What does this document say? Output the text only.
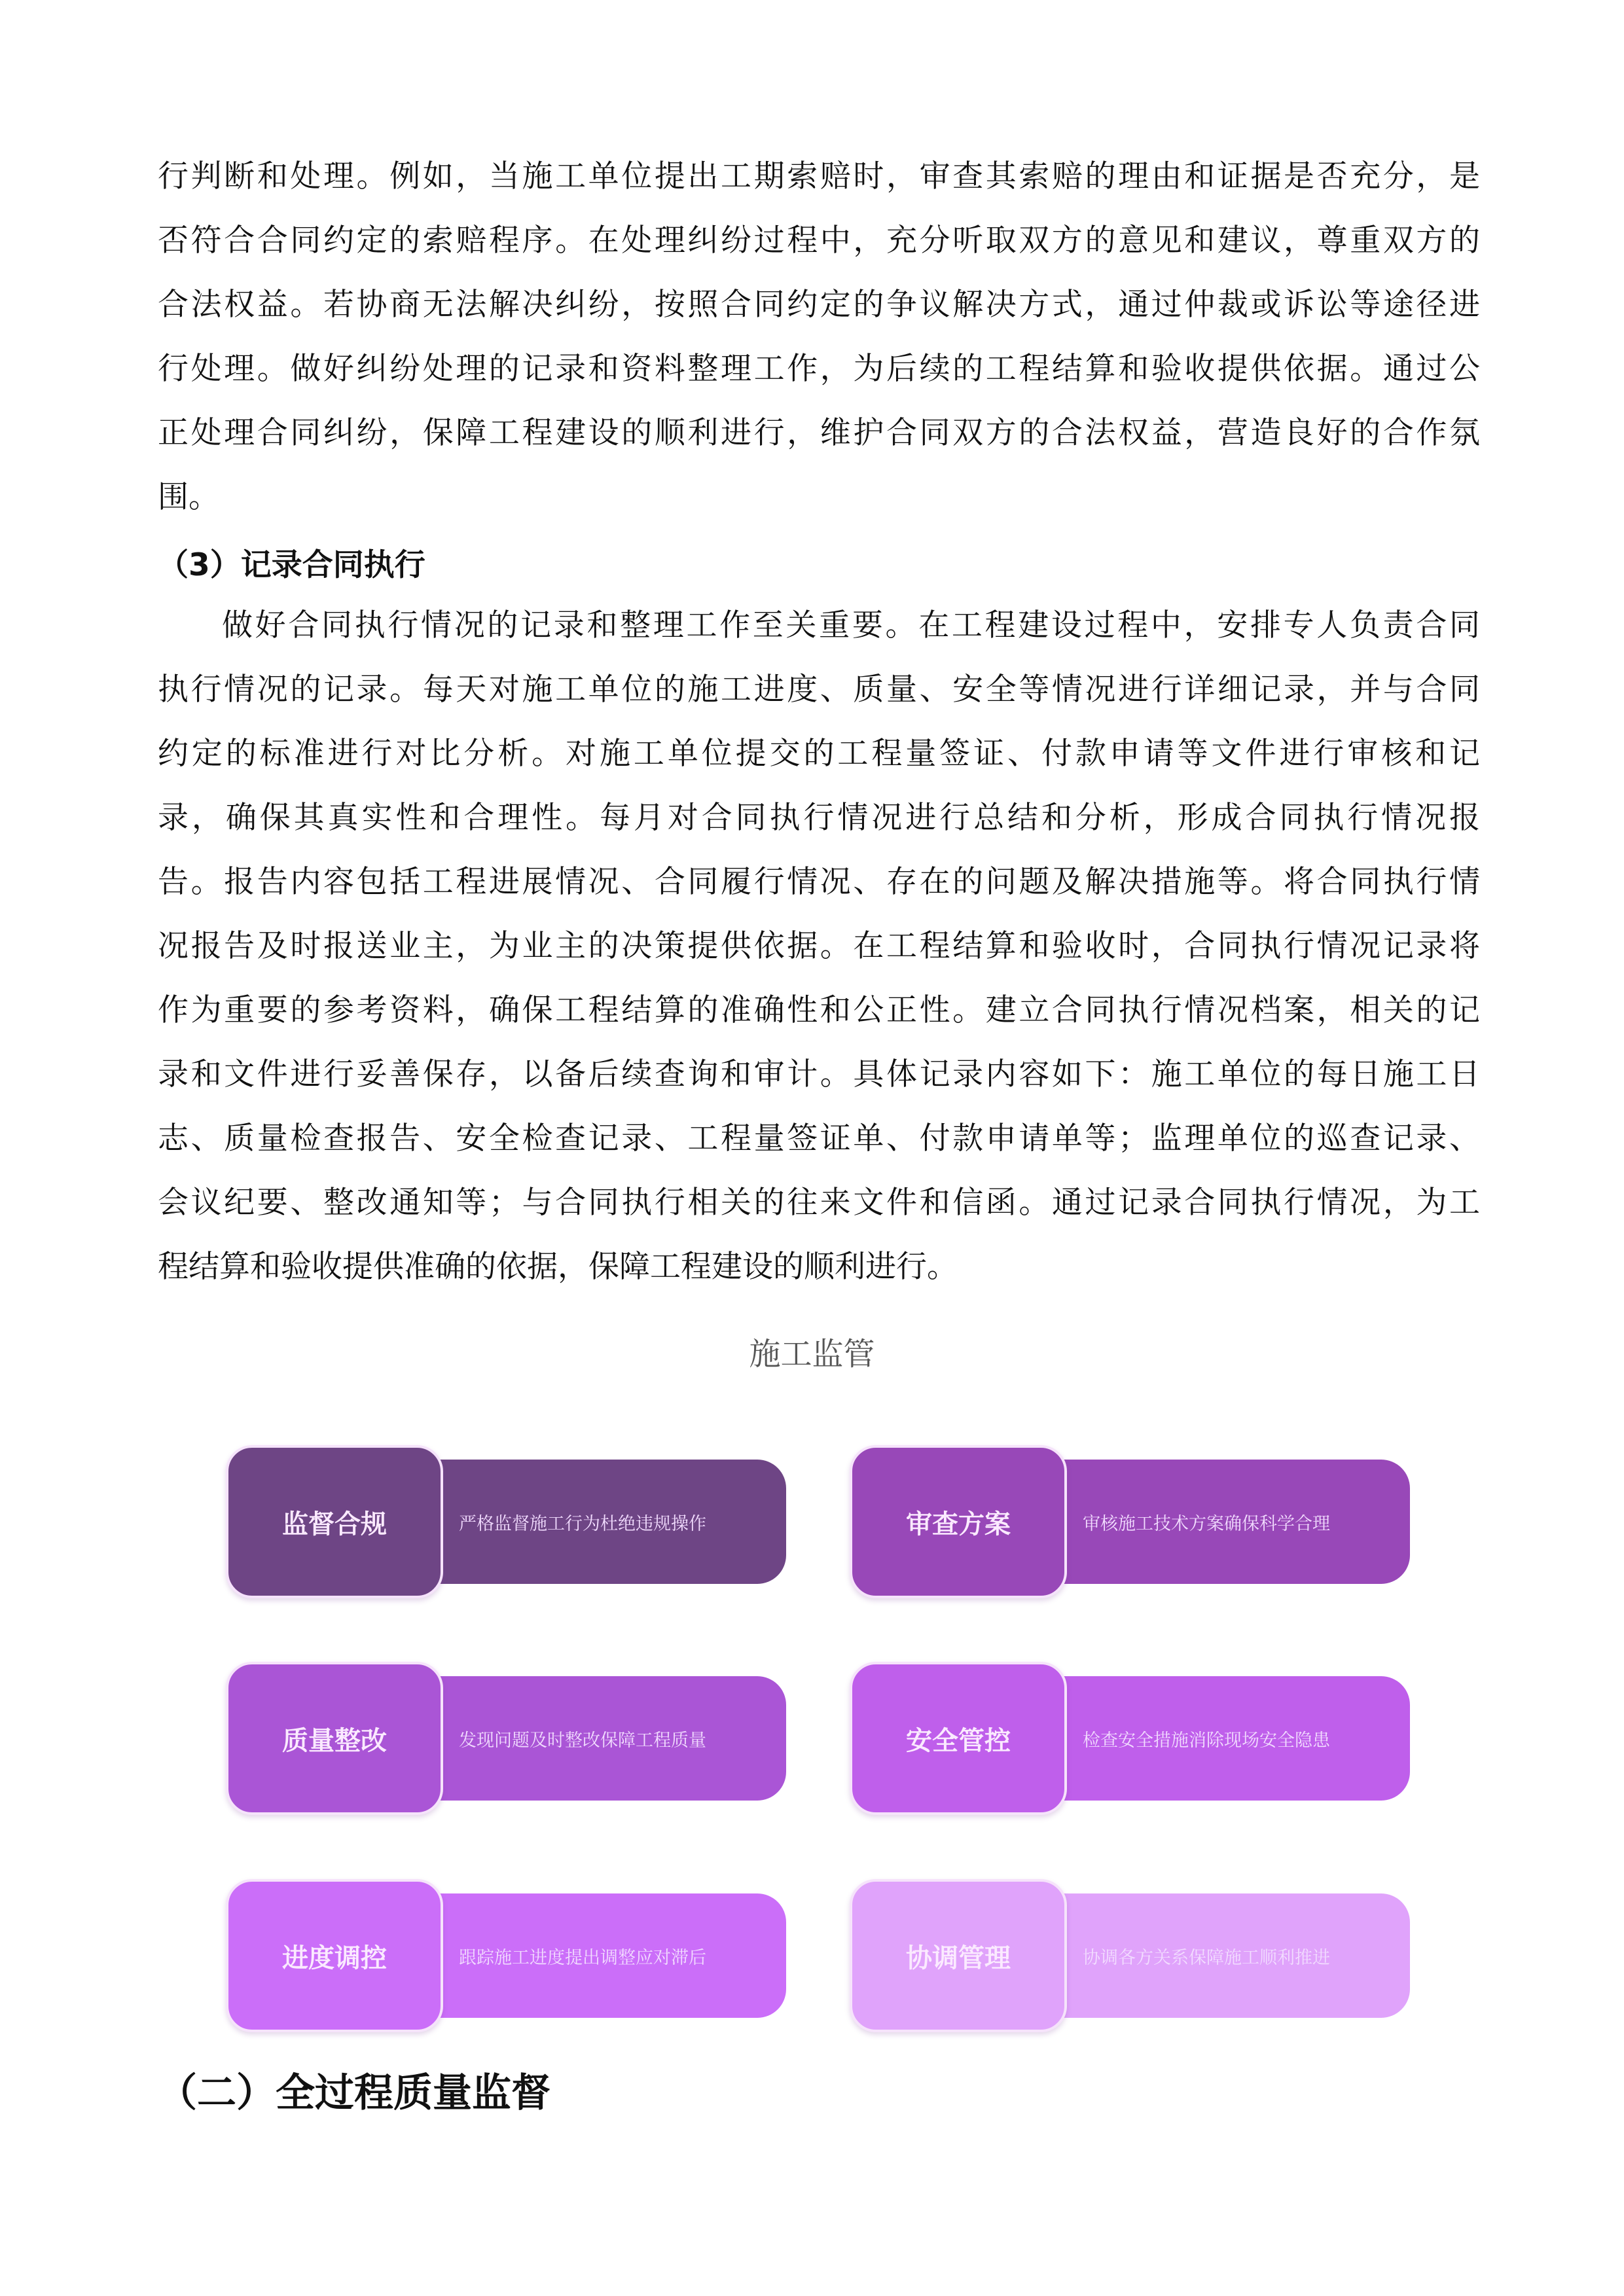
行判断和处理。例如，当施工单位提出工期索赔时，审查其索赔的理由和证据是否充分，是
否符合合同约定的索赔程序。在处理纠纷过程中，充分听取双方的意见和建议，尊重双方的
合法权益。若协商无法解决纠纷，按照合同约定的争议解决方式，通过仲裁或诉讼等途径进
行处理。做好纠纷处理的记录和资料整理工作，为后续的工程结算和验收提供依据。通过公
正处理合同纠纷，保障工程建设的顺利进行，维护合同双方的合法权益，营造良好的合作氛
围。
（3）记录合同执行
做好合同执行情况的记录和整理工作至关重要。在工程建设过程中，安排专人负责合同
执行情况的记录。每天对施工单位的施工进度、质量、安全等情况进行详细记录，并与合同
约定的标准进行对比分析。对施工单位提交的工程量签证、付款申请等文件进行审核和记
录，确保其真实性和合理性。每月对合同执行情况进行总结和分析，形成合同执行情况报
告。报告内容包括工程进展情况、合同履行情况、存在的问题及解决措施等。将合同执行情
况报告及时报送业主，为业主的决策提供依据。在工程结算和验收时，合同执行情况记录将
作为重要的参考资料，确保工程结算的准确性和公正性。建立合同执行情况档案，相关的记
录和文件进行妥善保存，以备后续查询和审计。具体记录内容如下：施工单位的每日施工日
志、质量检查报告、安全检查记录、工程量签证单、付款申请单等；监理单位的巡查记录、
会议纪要、整改通知等；与合同执行相关的往来文件和信函。通过记录合同执行情况，为工
程结算和验收提供准确的依据，保障工程建设的顺利进行。
施工监管
监督合规	严格监督施工行为杜绝违规操作	审查方案	审核施工技术方案确保科学合理
质量整改	发现问题及时整改保障工程质量	安全管控	检查安全措施消除现场安全隐患
进度调控	跟踪施工进度提出调整应对滞后	协调管理	协调各方关系保障施工顺利推进
（二）全过程质量监督
